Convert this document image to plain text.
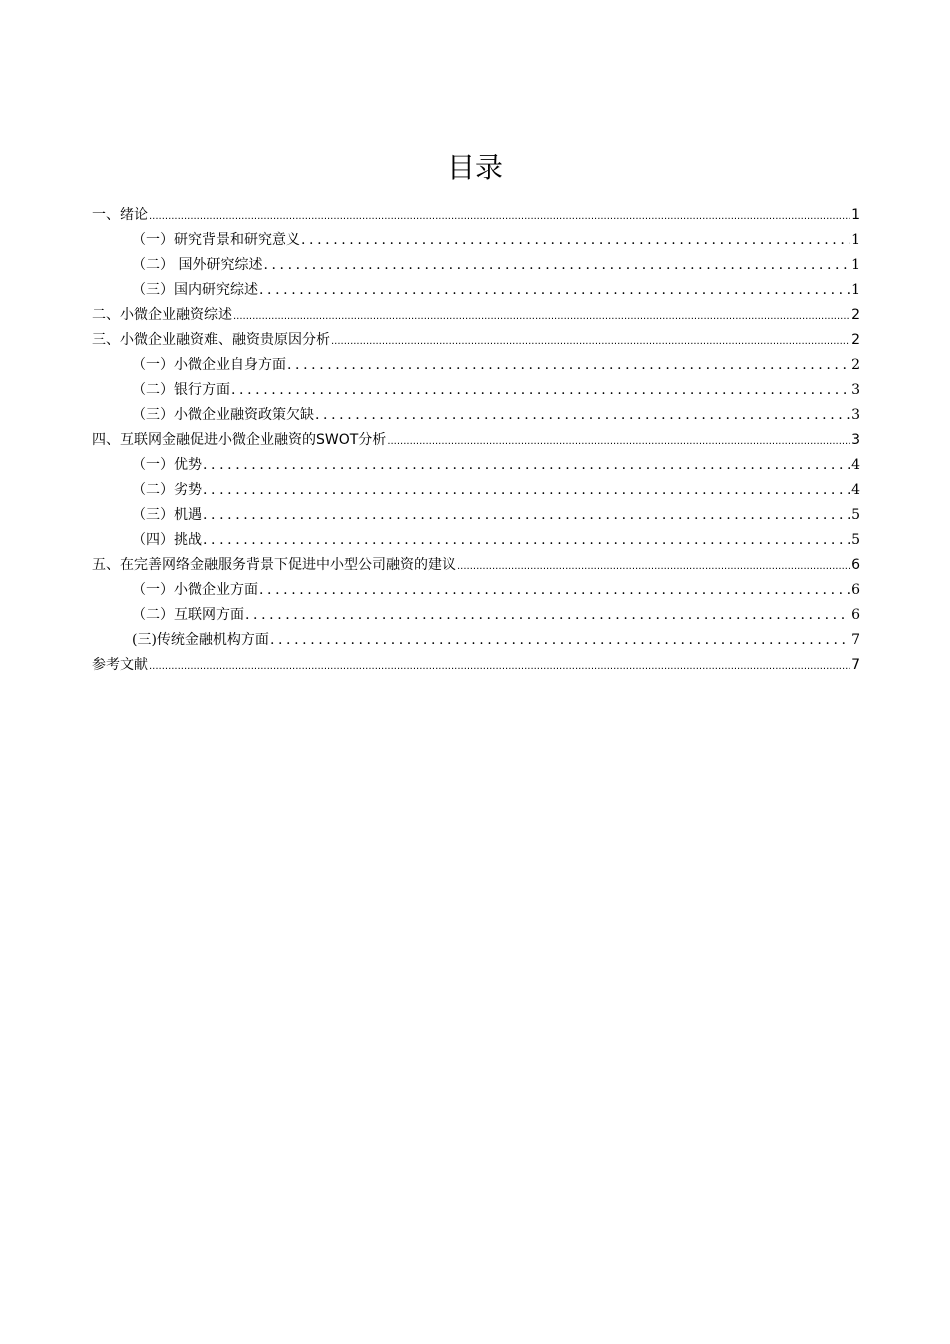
目录
一、绪论 .....	1
（一）研究背景和研究意义 .....	1
（二） 国外研究综述 .....	1
（三）国内研究综述 .....	1
二、小微企业融资综述 .....	2
三、小微企业融资难、融资贵原因分析 .....	2
（一）小微企业自身方面 .....	2
（二）银行方面 .....	3
（三）小微企业融资政策欠缺 .....	3
四、互联网金融促进小微企业融资的SWOT分析 .....	3
（一）优势 .....	4
（二）劣势 .....	4
（三）机遇 .....	5
（四）挑战 .....	5
五、在完善网络金融服务背景下促进中小型公司融资的建议 .....	6
（一）小微企业方面 .....	6
（二）互联网方面 .....	6
(三)传统金融机构方面 .....	7
参考文献 .....	7
